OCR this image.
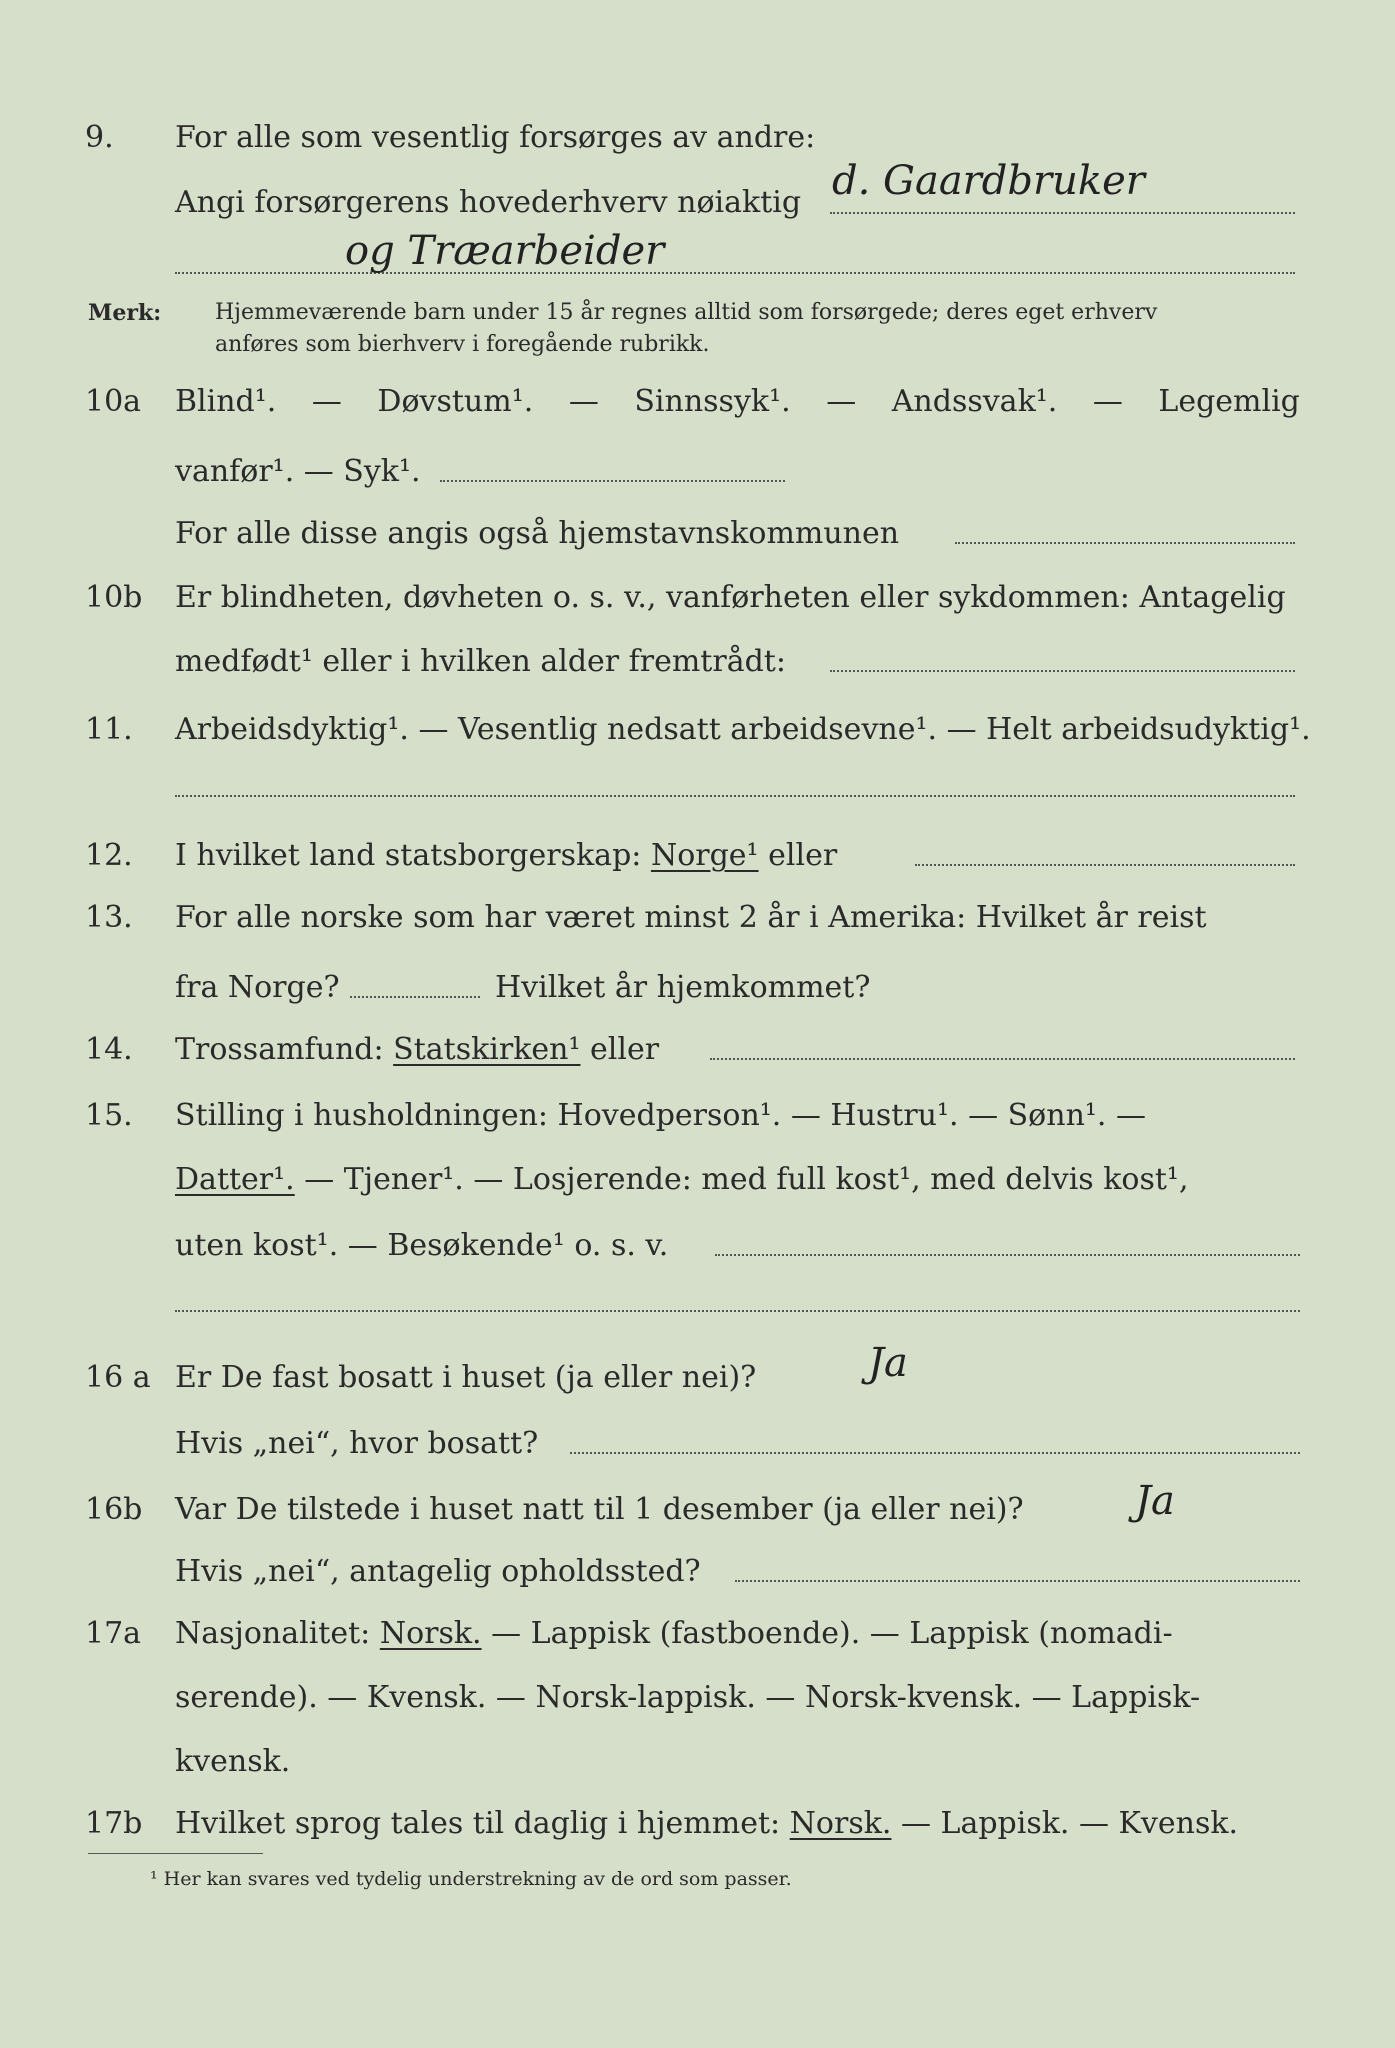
9.	For alle som vesentlig forsørges av andre:
Angi forsørgerens hovederhverv nøiaktig d. Gaardbruker
og Træarbeider
Merk:	Hjemmeværende barn under 15 år regnes alltid som forsørgede; deres eget erhverv
anføres som bierhverv i foregående rubrikk.
10a	Blind¹. — Døvstum¹. — Sinnssyk¹. — Andssvak¹. — Legemlig
vanfør¹. — Syk¹.
For alle disse angis også hjemstavnskommunen
10b	Er blindheten, døvheten o. s. v., vanførheten eller sykdommen: Antagelig
medfødt¹ eller i hvilken alder fremtrådt:
11.	Arbeidsdyktig¹. — Vesentlig nedsatt arbeidsevne¹. — Helt arbeidsudyktig¹.
12.	I hvilket land statsborgerskap: Norge¹ eller
13.	For alle norske som har været minst 2 år i Amerika: Hvilket år reist
fra Norge?	Hvilket år hjemkommet?
14.	Trossamfund: Statskirken¹ eller
15.	Stilling i husholdningen: Hovedperson¹. — Hustru¹. — Sønn¹. —
Datter¹. — Tjener¹. — Losjerende: med full kost¹, med delvis kost¹,
uten kost¹. — Besøkende¹ o. s. v.
16 a Er De fast bosatt i huset (ja eller nei)?	Ja
Hvis „nei“, hvor bosatt?
16b	Var De tilstede i huset natt til 1 desember (ja eller nei)?	Ja
Hvis „nei“, antagelig opholdssted?
17a	Nasjonalitet: Norsk. — Lappisk (fastboende). — Lappisk (nomadi-
serende). — Kvensk. — Norsk-lappisk. — Norsk-kvensk. — Lappisk-
kvensk.
17b	Hvilket sprog tales til daglig i hjemmet: Norsk. — Lappisk. — Kvensk.
¹ Her kan svares ved tydelig understrekning av de ord som passer.
